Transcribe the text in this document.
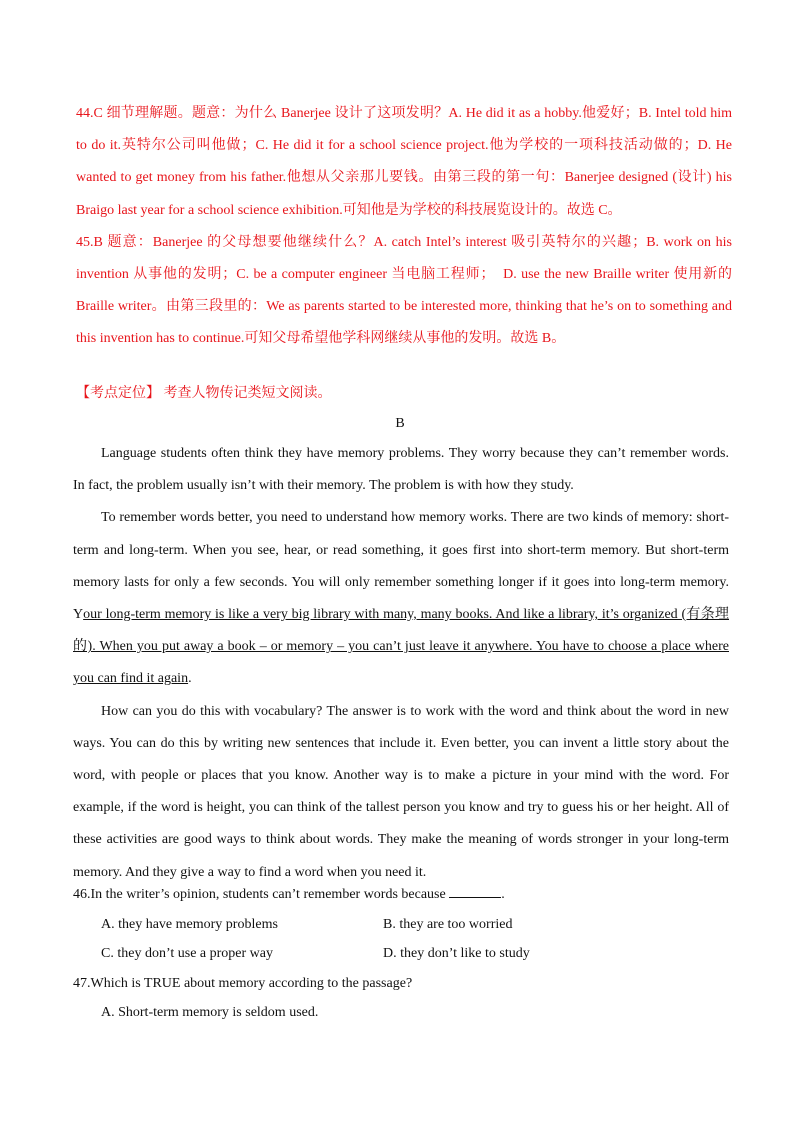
44.C 细节理解题。题意：为什么 Banerjee 设计了这项发明？A. He did it as a hobby.他爱好；B. Intel told him to do it.英特尔公司叫他做；C. He did it for a school science project.他为学校的一项科技活动做的；D. He wanted to get money from his father.他想从父亲那儿要钱。由第三段的第一句：Banerjee designed (设计) his Braigo last year for a school science exhibition.可知他是为学校的科技展览设计的。故选 C。

45.B 题意：Banerjee 的父母想要他继续什么？A. catch Intel’s interest 吸引英特尔的兴趣；B. work on his invention 从事他的发明；C. be a computer engineer 当电脑工程师；　D. use the new Braille writer 使用新的 Braille writer。由第三段里的：We as parents started to be interested more, thinking that he’s on to something and this invention has to continue.可知父母希望他学科网继续从事他的发明。故选 B。

【考点定位】 考查人物传记类短文阅读。
B

Language students often think they have memory problems. They worry because they can’t remember words. In fact, the problem usually isn’t with their memory. The problem is with how they study.

To remember words better, you need to understand how memory works. There are two kinds of memory: short-term and long-term. When you see, hear, or read something, it goes first into short-term memory. But short-term memory lasts for only a few seconds. You will only remember something longer if it goes into long-term memory. Your long-term memory is like a very big library with many, many books. And like a library, it’s organized (有条理的). When you put away a book – or memory – you can’t just leave it anywhere. You have to choose a place where you can find it again.

How can you do this with vocabulary? The answer is to work with the word and think about the word in new ways. You can do this by writing new sentences that include it. Even better, you can invent a little story about the word, with people or places that you know. Another way is to make a picture in your mind with the word. For example, if the word is height, you can think of the tallest person you know and try to guess his or her height. All of these activities are good ways to think about words. They make the meaning of words stronger in your long-term memory. And they give a way to find a word when you need it.

46.In the writer’s opinion, students can’t remember words because	.

A. they have memory problems	B. they are too worried
C. they don’t use a proper way	D. they don’t like to study

47.Which is TRUE about memory according to the passage?

A. Short-term memory is seldom used.
